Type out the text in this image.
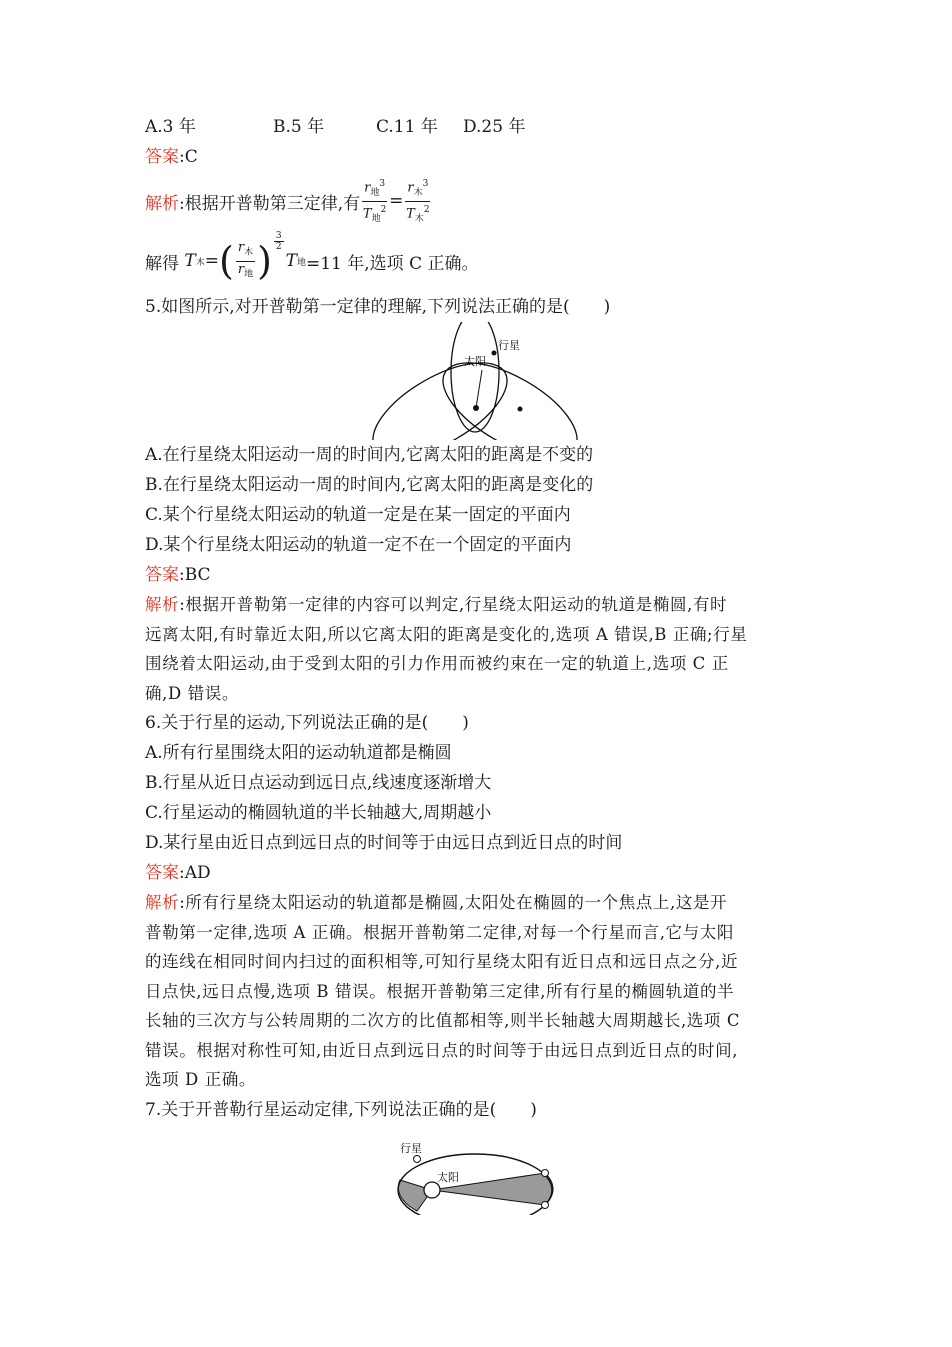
A.3 年	B.5 年	C.11 年 D.25 年
答案:C
解析 :根据开普勒第三定律,有 $\frac{r_地^3}{T_地^2} = \frac{r_木^3}{T_木^2}$
解得
T 木 = ( $\frac{r_木}{r_地}$ ) $\frac{3}{2}$
T 地 =11 年,选项 C 正确。
5.如图所示,对开普勒第一定律的理解,下列说法正确的是(　　)
太阳
行星
A.在行星绕太阳运动一周的时间内,它离太阳的距离是不变的
B.在行星绕太阳运动一周的时间内,它离太阳的距离是变化的
C.某个行星绕太阳运动的轨道一定是在某一固定的平面内
D.某个行星绕太阳运动的轨道一定不在一个固定的平面内
答案:BC
解析:根据开普勒第一定律的内容可以判定,行星绕太阳运动的轨道是椭圆,有时
远离太阳,有时靠近太阳,所以它离太阳的距离是变化的,选项 A 错误,B 正确;行星
围绕着太阳运动,由于受到太阳的引力作用而被约束在一定的轨道上,选项 C 正
确,D 错误。
6.关于行星的运动,下列说法正确的是(　　)
A.所有行星围绕太阳的运动轨道都是椭圆
B.行星从近日点运动到远日点,线速度逐渐增大
C.行星运动的椭圆轨道的半长轴越大,周期越小
D.某行星由近日点到远日点的时间等于由远日点到近日点的时间
答案:AD
解析:所有行星绕太阳运动的轨道都是椭圆,太阳处在椭圆的一个焦点上,这是开
普勒第一定律,选项 A 正确。根据开普勒第二定律,对每一个行星而言,它与太阳
的连线在相同时间内扫过的面积相等,可知行星绕太阳有近日点和远日点之分,近
日点快,远日点慢,选项 B 错误。根据开普勒第三定律,所有行星的椭圆轨道的半
长轴的三次方与公转周期的二次方的比值都相等,则半长轴越大周期越长,选项 C
错误。根据对称性可知,由近日点到远日点的时间等于由远日点到近日点的时间,
选项 D 正确。
7.关于开普勒行星运动定律,下列说法正确的是(　　)
行星
太阳
